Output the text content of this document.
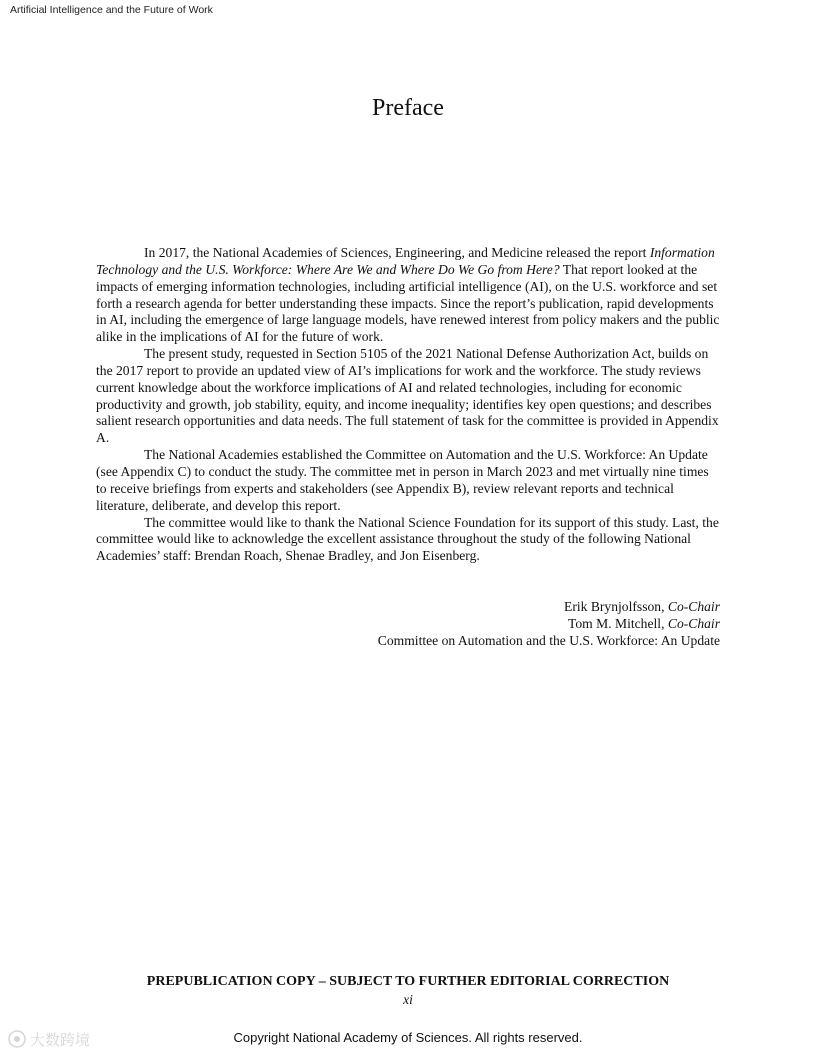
Artificial Intelligence and the Future of Work
Preface

In 2017, the National Academies of Sciences, Engineering, and Medicine released the report Information Technology and the U.S. Workforce: Where Are We and Where Do We Go from Here? That report looked at the impacts of emerging information technologies, including artificial intelligence (AI), on the U.S. workforce and set forth a research agenda for better understanding these impacts. Since the report’s publication, rapid developments in AI, including the emergence of large language models, have renewed interest from policy makers and the public alike in the implications of AI for the future of work.

The present study, requested in Section 5105 of the 2021 National Defense Authorization Act, builds on the 2017 report to provide an updated view of AI’s implications for work and the workforce. The study reviews current knowledge about the workforce implications of AI and related technologies, including for economic productivity and growth, job stability, equity, and income inequality; identifies key open questions; and describes salient research opportunities and data needs. The full statement of task for the committee is provided in Appendix A.

The National Academies established the Committee on Automation and the U.S. Workforce: An Update (see Appendix C) to conduct the study. The committee met in person in March 2023 and met virtually nine times to receive briefings from experts and stakeholders (see Appendix B), review relevant reports and technical literature, deliberate, and develop this report.

The committee would like to thank the National Science Foundation for its support of this study. Last, the committee would like to acknowledge the excellent assistance throughout the study of the following National Academies’ staff: Brendan Roach, Shenae Bradley, and Jon Eisenberg.

Erik Brynjolfsson, Co-Chair
Tom M. Mitchell, Co-Chair
Committee on Automation and the U.S. Workforce: An Update
PREPUBLICATION COPY – SUBJECT TO FURTHER EDITORIAL CORRECTION
xi
Copyright National Academy of Sciences. All rights reserved.
大数跨境
